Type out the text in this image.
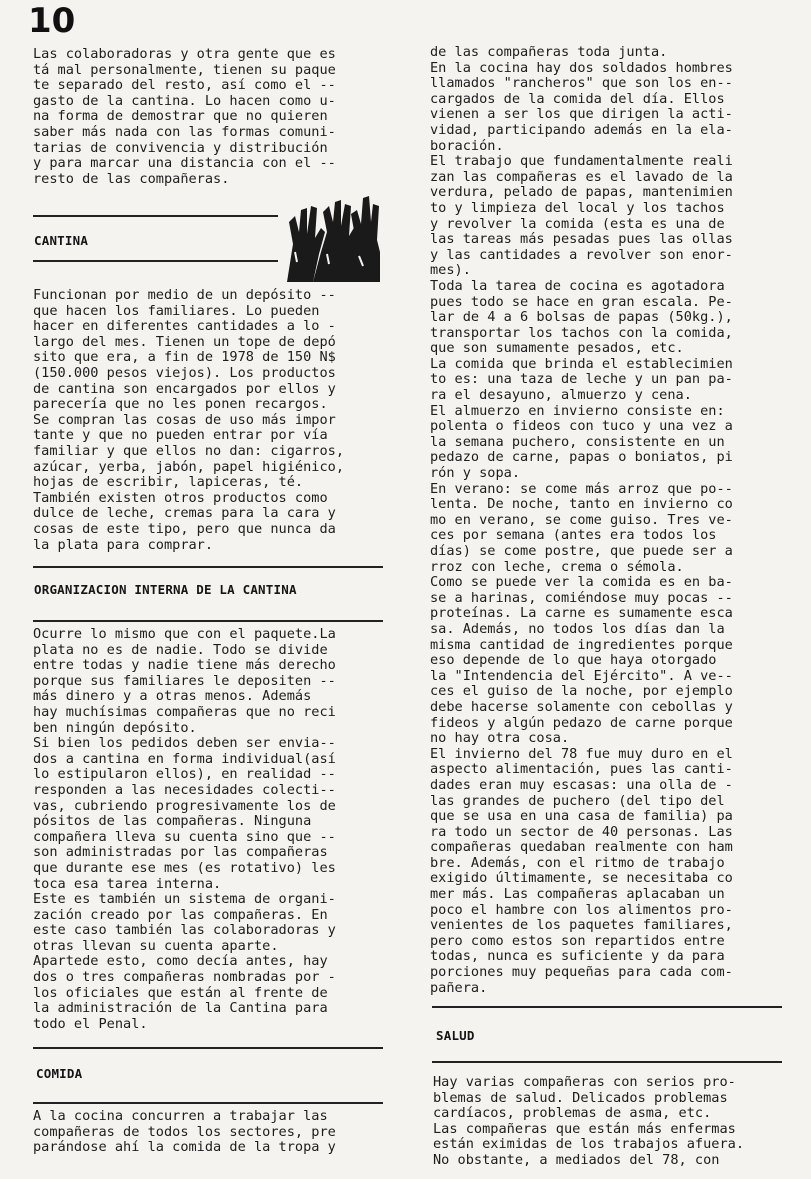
10
Las colaboradoras y otra gente que es
tá mal personalmente, tienen su paque
te separado del resto, así como el --
gasto de la cantina. Lo hacen como u-
na forma de demostrar que no quieren
saber más nada con las formas comuni-
tarias de convivencia y distribución
y para marcar una distancia con el --
resto de las compañeras.
CANTINA
Funcionan por medio de un depósito --
que hacen los familiares. Lo pueden
hacer en diferentes cantidades a lo -
largo del mes. Tienen un tope de depó
sito que era, a fin de 1978 de 150 N$
(150.000 pesos viejos). Los productos
de cantina son encargados por ellos y
parecería que no les ponen recargos.
Se compran las cosas de uso más impor
tante y que no pueden entrar por vía
familiar y que ellos no dan: cigarros,
azúcar, yerba, jabón, papel higiénico,
hojas de escribir, lapiceras, té.
También existen otros productos como
dulce de leche, cremas para la cara y
cosas de este tipo, pero que nunca da
la plata para comprar.
ORGANIZACION INTERNA DE LA CANTINA
Ocurre lo mismo que con el paquete.La
plata no es de nadie. Todo se divide
entre todas y nadie tiene más derecho
porque sus familiares le depositen --
más dinero y a otras menos. Además
hay muchísimas compañeras que no reci
ben ningún depósito.
Si bien los pedidos deben ser envia--
dos a cantina en forma individual(así
lo estipularon ellos), en realidad --
responden a las necesidades colecti--
vas, cubriendo progresivamente los de
pósitos de las compañeras. Ninguna
compañera lleva su cuenta sino que --
son administradas por las compañeras
que durante ese mes (es rotativo) les
toca esa tarea interna.
Este es también un sistema de organi-
zación creado por las compañeras. En
este caso también las colaboradoras y
otras llevan su cuenta aparte.
Apartede esto, como decía antes, hay
dos o tres compañeras nombradas por -
los oficiales que están al frente de
la administración de la Cantina para
todo el Penal.
COMIDA
A la cocina concurren a trabajar las
compañeras de todos los sectores, pre
parándose ahí la comida de la tropa y
de las compañeras toda junta.
En la cocina hay dos soldados hombres
llamados "rancheros" que son los en--
cargados de la comida del día. Ellos
vienen a ser los que dirigen la acti-
vidad, participando además en la ela-
boración.
El trabajo que fundamentalmente reali
zan las compañeras es el lavado de la
verdura, pelado de papas, mantenimien
to y limpieza del local y los tachos
y revolver la comida (esta es una de
las tareas más pesadas pues las ollas
y las cantidades a revolver son enor-
mes).
Toda la tarea de cocina es agotadora
pues todo se hace en gran escala. Pe-
lar de 4 a 6 bolsas de papas (50kg.),
transportar los tachos con la comida,
que son sumamente pesados, etc.
La comida que brinda el establecimien
to es: una taza de leche y un pan pa-
ra el desayuno, almuerzo y cena.
El almuerzo en invierno consiste en:
polenta o fideos con tuco y una vez a
la semana puchero, consistente en un
pedazo de carne, papas o boniatos, pi
rón y sopa.
En verano: se come más arroz que po--
lenta. De noche, tanto en invierno co
mo en verano, se come guiso. Tres ve-
ces por semana (antes era todos los
días) se come postre, que puede ser a
rroz con leche, crema o sémola.
Como se puede ver la comida es en ba-
se a harinas, comiéndose muy pocas --
proteínas. La carne es sumamente esca
sa. Además, no todos los días dan la
misma cantidad de ingredientes porque
eso depende de lo que haya otorgado
la "Intendencia del Ejército". A ve--
ces el guiso de la noche, por ejemplo
debe hacerse solamente con cebollas y
fideos y algún pedazo de carne porque
no hay otra cosa.
El invierno del 78 fue muy duro en el
aspecto alimentación, pues las canti-
dades eran muy escasas: una olla de -
las grandes de puchero (del tipo del
que se usa en una casa de familia) pa
ra todo un sector de 40 personas. Las
compañeras quedaban realmente con ham
bre. Además, con el ritmo de trabajo
exigido últimamente, se necesitaba co
mer más. Las compañeras aplacaban un
poco el hambre con los alimentos pro-
venientes de los paquetes familiares,
pero como estos son repartidos entre
todas, nunca es suficiente y da para
porciones muy pequeñas para cada com-
pañera.
SALUD
Hay varias compañeras con serios pro-
blemas de salud. Delicados problemas
cardíacos, problemas de asma, etc.
Las compañeras que están más enfermas
están eximidas de los trabajos afuera.
No obstante, a mediados del 78, con
